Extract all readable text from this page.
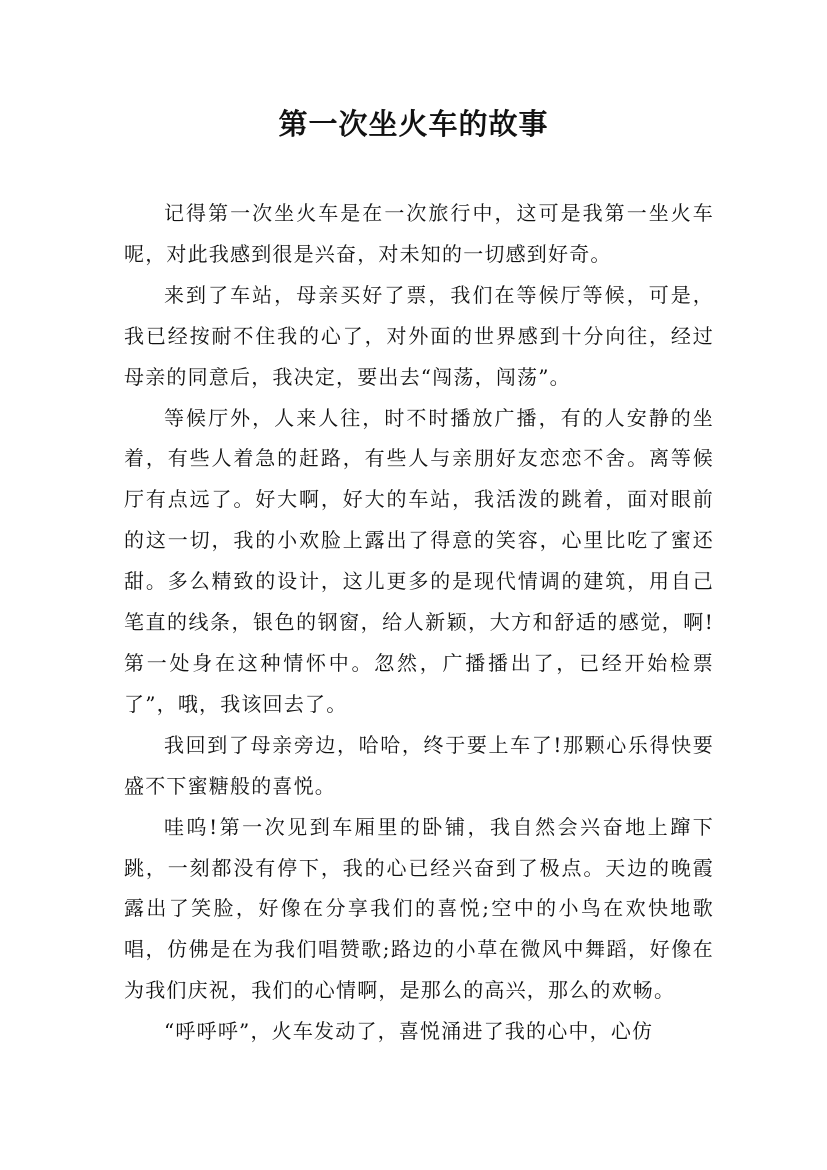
第一次坐火车的故事

记得第一次坐火车是在一次旅行中，这可是我第一坐火车呢，对此我感到很是兴奋，对未知的一切感到好奇。

来到了车站，母亲买好了票，我们在等候厅等候，可是，我已经按耐不住我的心了，对外面的世界感到十分向往，经过母亲的同意后，我决定，要出去“闯荡，闯荡”。

等候厅外，人来人往，时不时播放广播，有的人安静的坐着，有些人着急的赶路，有些人与亲朋好友恋恋不舍。离等候厅有点远了。好大啊，好大的车站，我活泼的跳着，面对眼前的这一切，我的小欢脸上露出了得意的笑容，心里比吃了蜜还甜。多么精致的设计，这儿更多的是现代情调的建筑，用自己笔直的线条，银色的钢窗，给人新颖，大方和舒适的感觉，啊!第一处身在这种情怀中。忽然，广播播出了，已经开始检票了”，哦，我该回去了。

我回到了母亲旁边，哈哈，终于要上车了!那颗心乐得快要盛不下蜜糖般的喜悦。

哇呜!第一次见到车厢里的卧铺，我自然会兴奋地上蹿下跳，一刻都没有停下，我的心已经兴奋到了极点。天边的晚霞露出了笑脸，好像在分享我们的喜悦;空中的小鸟在欢快地歌唱，仿佛是在为我们唱赞歌;路边的小草在微风中舞蹈，好像在为我们庆祝，我们的心情啊，是那么的高兴，那么的欢畅。

“呼呼呼”，火车发动了，喜悦涌进了我的心中，心仿
